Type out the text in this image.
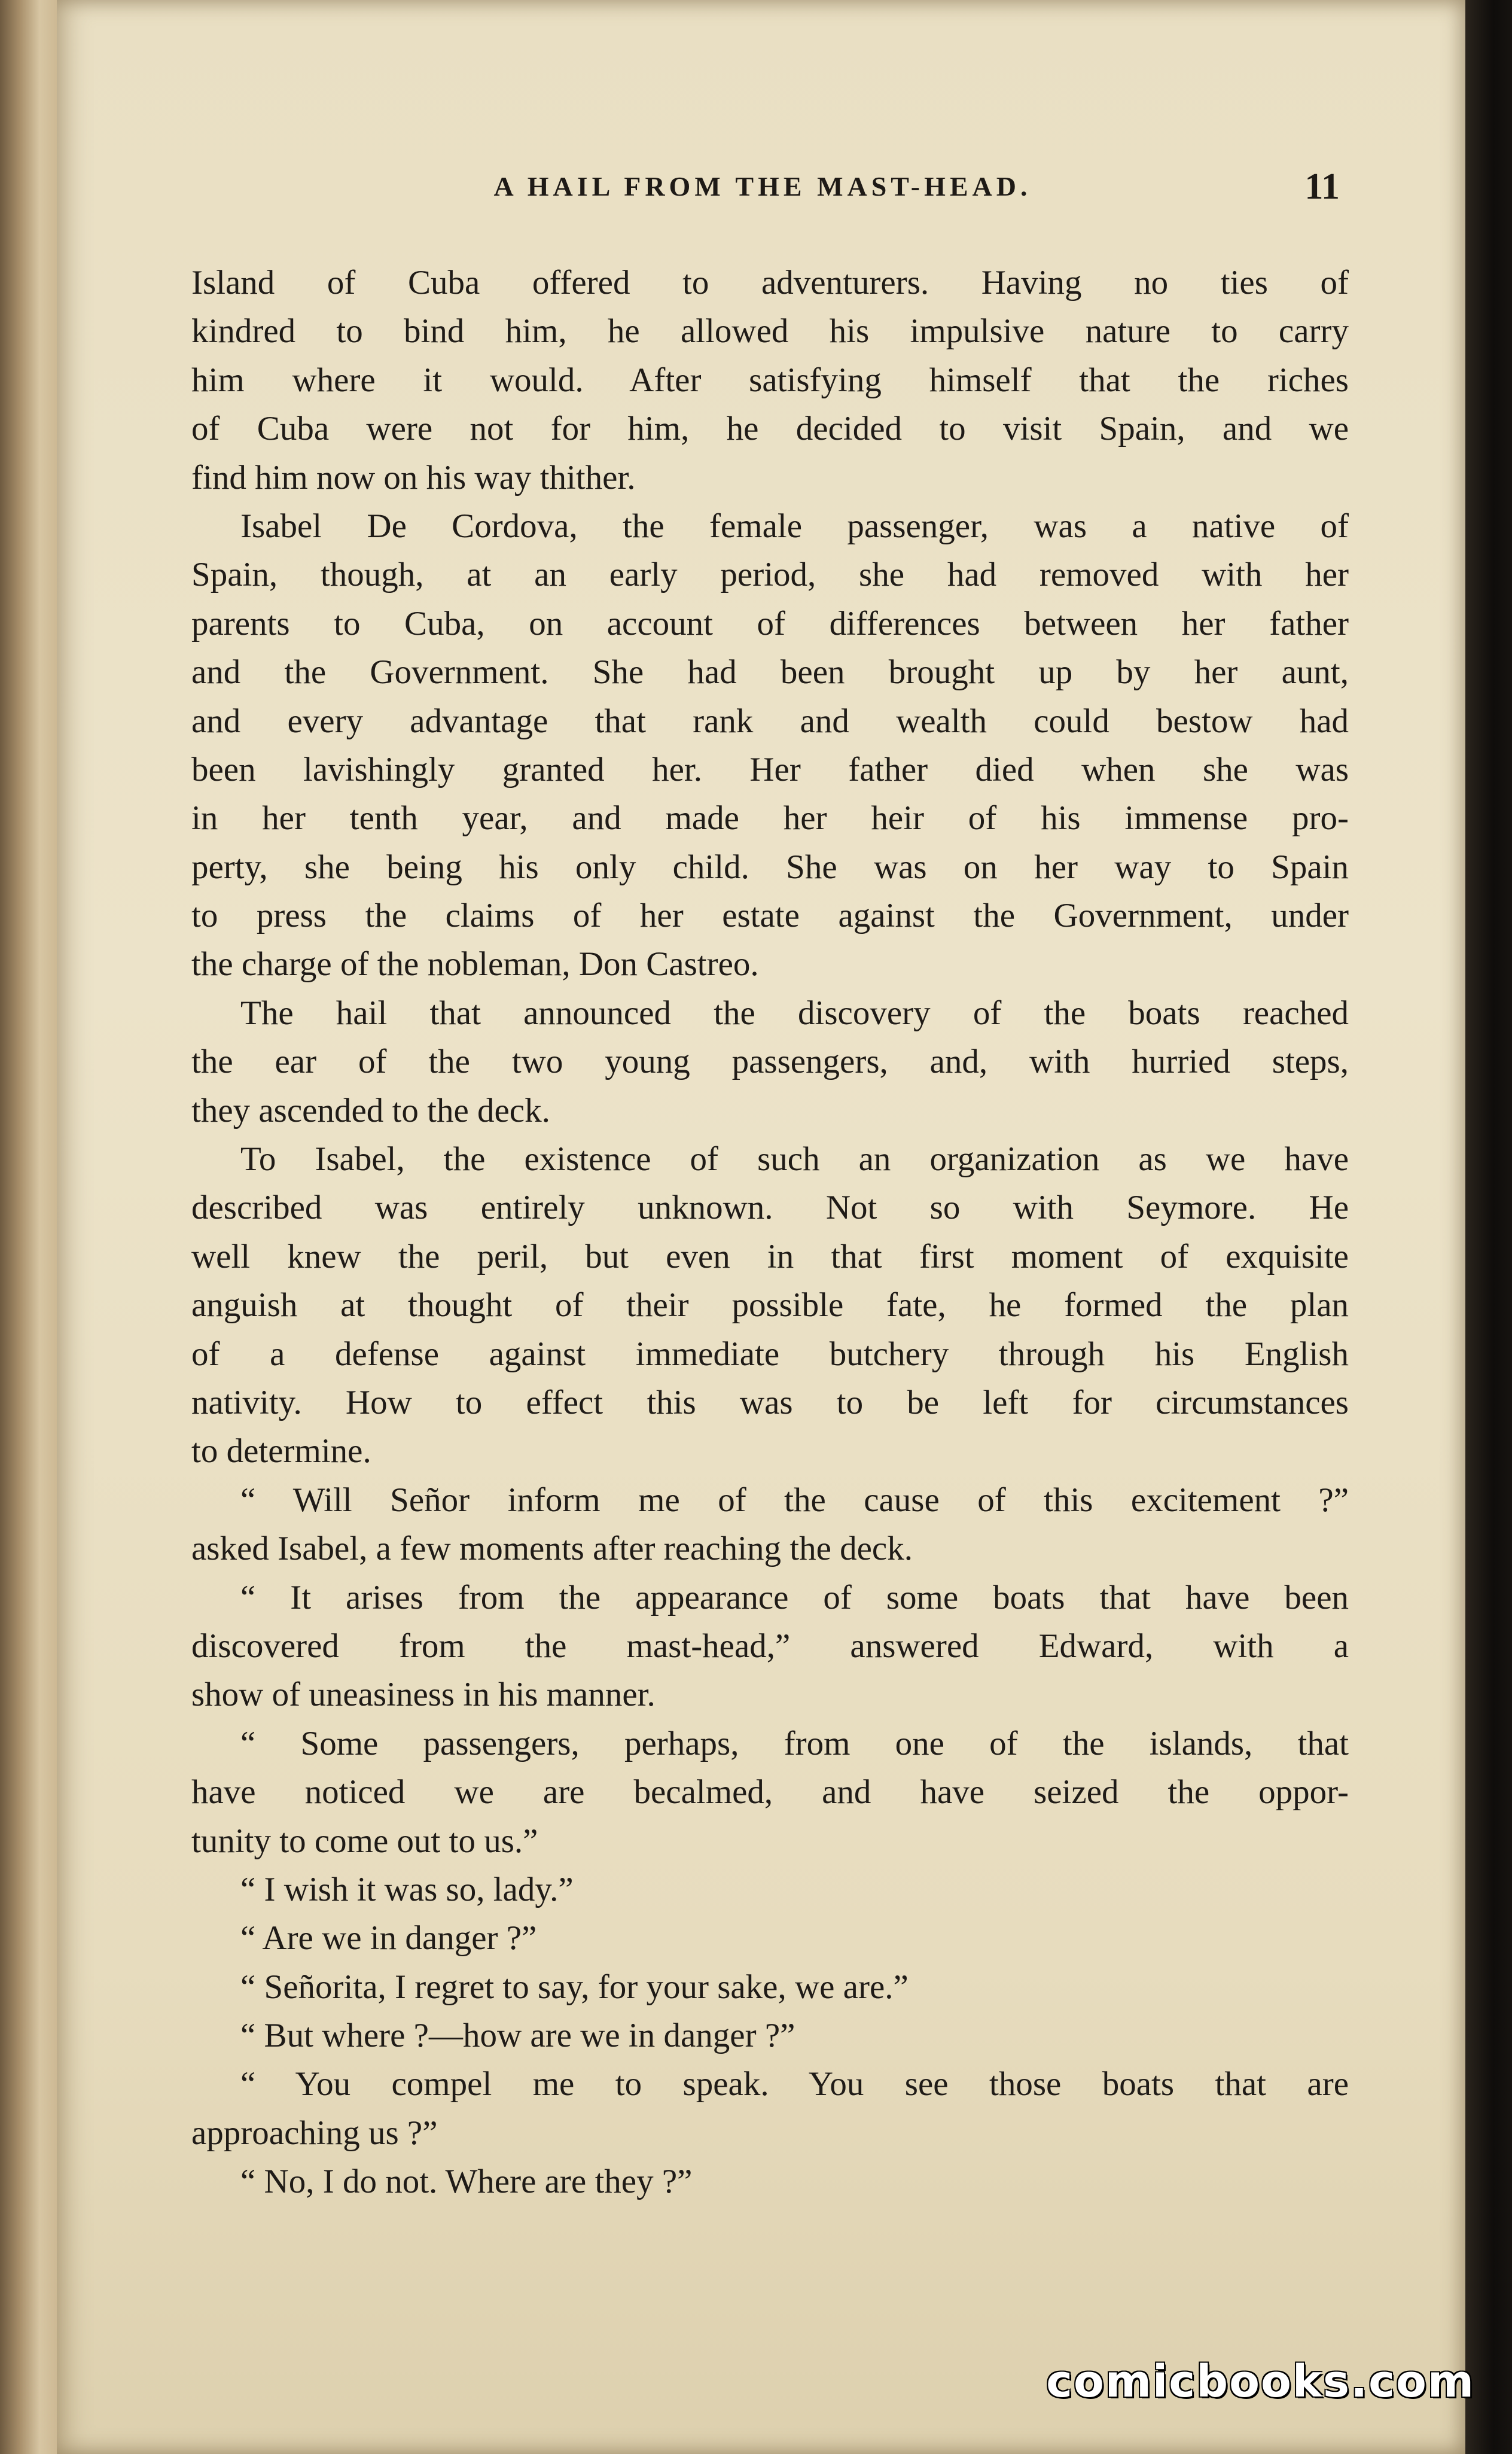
A HAIL FROM THE MAST-HEAD.	11
Island of Cuba offered to adventurers. Having no ties of
kindred to bind him, he allowed his impulsive nature to carry
him where it would. After satisfying himself that the riches
of Cuba were not for him, he decided to visit Spain, and we
find him now on his way thither.
Isabel De Cordova, the female passenger, was a native of
Spain, though, at an early period, she had removed with her
parents to Cuba, on account of differences between her father
and the Government. She had been brought up by her aunt,
and every advantage that rank and wealth could bestow had
been lavishingly granted her. Her father died when she was
in her tenth year, and made her heir of his immense pro-
perty, she being his only child. She was on her way to Spain
to press the claims of her estate against the Government, under
the charge of the nobleman, Don Castreo.
The hail that announced the discovery of the boats reached
the ear of the two young passengers, and, with hurried steps,
they ascended to the deck.
To Isabel, the existence of such an organization as we have
described was entirely unknown. Not so with Seymore. He
well knew the peril, but even in that first moment of exquisite
anguish at thought of their possible fate, he formed the plan
of a defense against immediate butchery through his English
nativity. How to effect this was to be left for circumstances
to determine.
“ Will Señor inform me of the cause of this excitement ?”
asked Isabel, a few moments after reaching the deck.
“ It arises from the appearance of some boats that have been
discovered from the mast-head,” answered Edward, with a
show of uneasiness in his manner.
“ Some passengers, perhaps, from one of the islands, that
have noticed we are becalmed, and have seized the oppor-
tunity to come out to us.”
“ I wish it was so, lady.”
“ Are we in danger ?”
“ Señorita, I regret to say, for your sake, we are.”
“ But where ?—how are we in danger ?”
“ You compel me to speak. You see those boats that are
approaching us ?”
“ No, I do not. Where are they ?”
comicbooks.com
